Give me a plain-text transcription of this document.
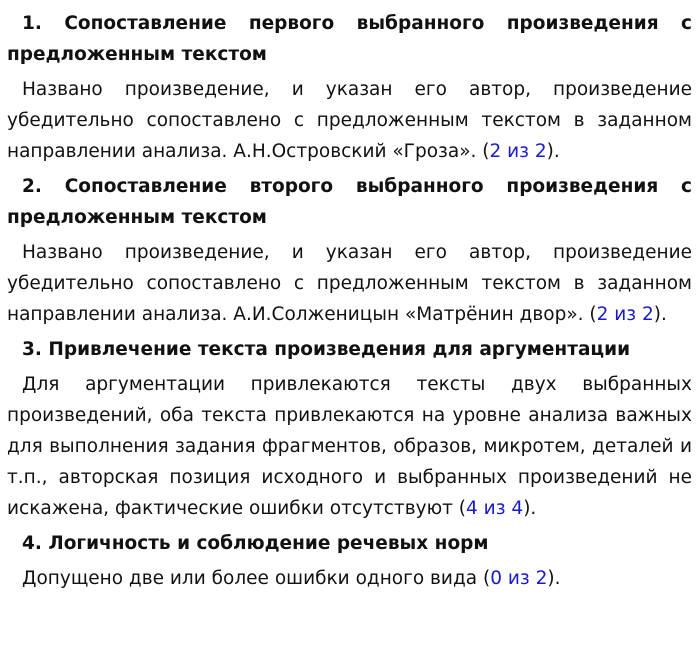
1. Сопоставление первого выбранного произведения с предложенным текстом
Названо произведение, и указан его автор, произведение убедительно сопоставлено с предложенным текстом в заданном направлении анализа. А.Н.Островский «Гроза». (2 из 2).
2. Сопоставление второго выбранного произведения с предложенным текстом
Названо произведение, и указан его автор, произведение убедительно сопоставлено с предложенным текстом в заданном направлении анализа. А.И.Солженицын «Матрёнин двор». (2 из 2).
3. Привлечение текста произведения для аргументации
Для аргументации привлекаются тексты двух выбранных произведений, оба текста привлекаются на уровне анализа важных для выполнения задания фрагментов, образов, микротем, деталей и т.п., авторская позиция исходного и выбранных произведений не искажена, фактические ошибки отсутствуют (4 из 4).
4. Логичность и соблюдение речевых норм
Допущено две или более ошибки одного вида (0 из 2).
